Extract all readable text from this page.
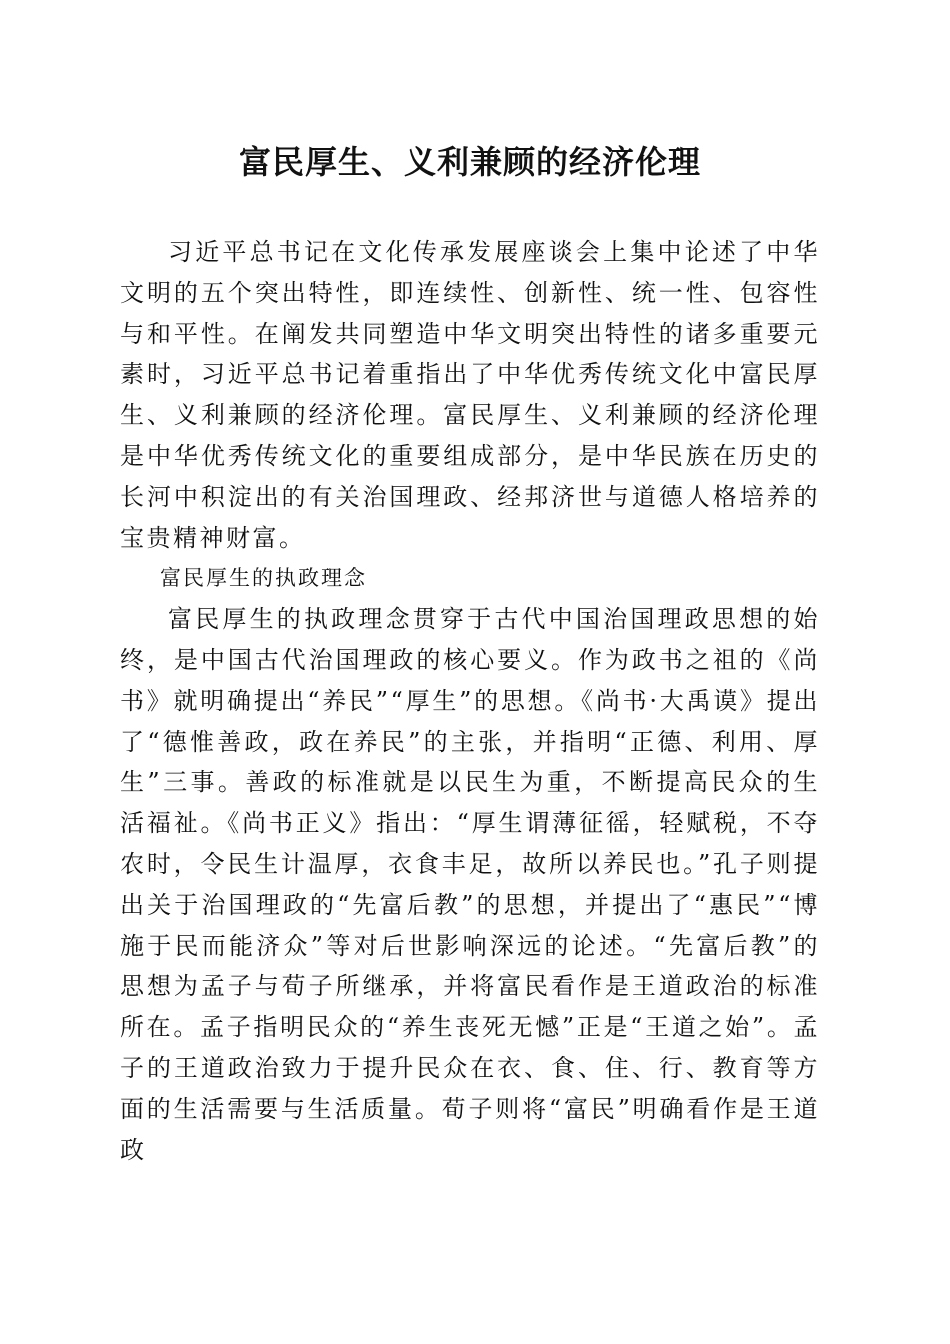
富民厚生、义利兼顾的经济伦理

习近平总书记在文化传承发展座谈会上集中论述了中华文明的五个突出特性，即连续性、创新性、统一性、包容性与和平性。在阐发共同塑造中华文明突出特性的诸多重要元素时，习近平总书记着重指出了中华优秀传统文化中富民厚生、义利兼顾的经济伦理。富民厚生、义利兼顾的经济伦理是中华优秀传统文化的重要组成部分，是中华民族在历史的长河中积淀出的有关治国理政、经邦济世与道德人格培养的宝贵精神财富。

富民厚生的执政理念

富民厚生的执政理念贯穿于古代中国治国理政思想的始终，是中国古代治国理政的核心要义。作为政书之祖的《尚书》就明确提出“养民”“厚生”的思想。《尚书·大禹谟》提出了“德惟善政，政在养民”的主张，并指明“正德、利用、厚生”三事。善政的标准就是以民生为重，不断提高民众的生活福祉。《尚书正义》指出：“厚生谓薄征徭，轻赋税，不夺农时，令民生计温厚，衣食丰足，故所以养民也。”孔子则提出关于治国理政的“先富后教”的思想，并提出了“惠民”“博施于民而能济众”等对后世影响深远的论述。“先富后教”的思想为孟子与荀子所继承，并将富民看作是王道政治的标准所在。孟子指明民众的“养生丧死无憾”正是“王道之始”。孟子的王道政治致力于提升民众在衣、食、住、行、教育等方面的生活需要与生活质量。荀子则将“富民”明确看作是王道政
